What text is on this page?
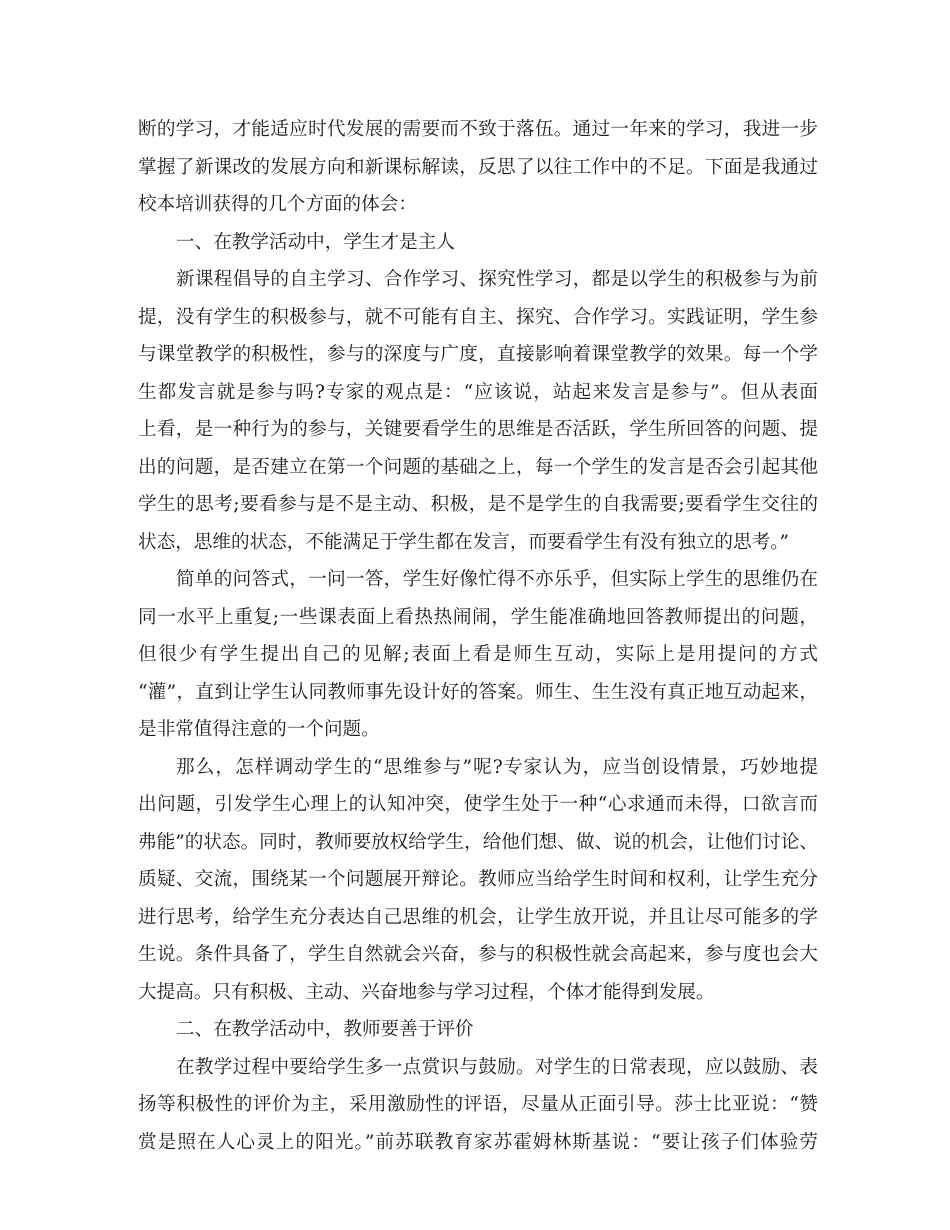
断的学习，才能适应时代发展的需要而不致于落伍。通过一年来的学习，我进一步
掌握了新课改的发展方向和新课标解读，反思了以往工作中的不足。下面是我通过
校本培训获得的几个方面的体会：
一、在教学活动中，学生才是主人
新课程倡导的自主学习、合作学习、探究性学习，都是以学生的积极参与为前
提，没有学生的积极参与，就不可能有自主、探究、合作学习。实践证明，学生参
与课堂教学的积极性，参与的深度与广度，直接影响着课堂教学的效果。每一个学
生都发言就是参与吗?专家的观点是：“应该说，站起来发言是参与”。但从表面
上看，是一种行为的参与，关键要看学生的思维是否活跃，学生所回答的问题、提
出的问题，是否建立在第一个问题的基础之上，每一个学生的发言是否会引起其他
学生的思考;要看参与是不是主动、积极，是不是学生的自我需要;要看学生交往的
状态，思维的状态，不能满足于学生都在发言，而要看学生有没有独立的思考。”
简单的问答式，一问一答，学生好像忙得不亦乐乎，但实际上学生的思维仍在
同一水平上重复;一些课表面上看热热闹闹，学生能准确地回答教师提出的问题，
但很少有学生提出自己的见解;表面上看是师生互动，实际上是用提问的方式
“灌”，直到让学生认同教师事先设计好的答案。师生、生生没有真正地互动起来，
是非常值得注意的一个问题。
那么，怎样调动学生的“思维参与”呢?专家认为，应当创设情景，巧妙地提
出问题，引发学生心理上的认知冲突，使学生处于一种“心求通而未得，口欲言而
弗能”的状态。同时，教师要放权给学生，给他们想、做、说的机会，让他们讨论、
质疑、交流，围绕某一个问题展开辩论。教师应当给学生时间和权利，让学生充分
进行思考，给学生充分表达自己思维的机会，让学生放开说，并且让尽可能多的学
生说。条件具备了，学生自然就会兴奋，参与的积极性就会高起来，参与度也会大
大提高。只有积极、主动、兴奋地参与学习过程，个体才能得到发展。
二、在教学活动中，教师要善于评价
在教学过程中要给学生多一点赏识与鼓励。对学生的日常表现，应以鼓励、表
扬等积极性的评价为主，采用激励性的评语，尽量从正面引导。莎士比亚说：“赞
赏是照在人心灵上的阳光。”前苏联教育家苏霍姆林斯基说：“要让孩子们体验劳
